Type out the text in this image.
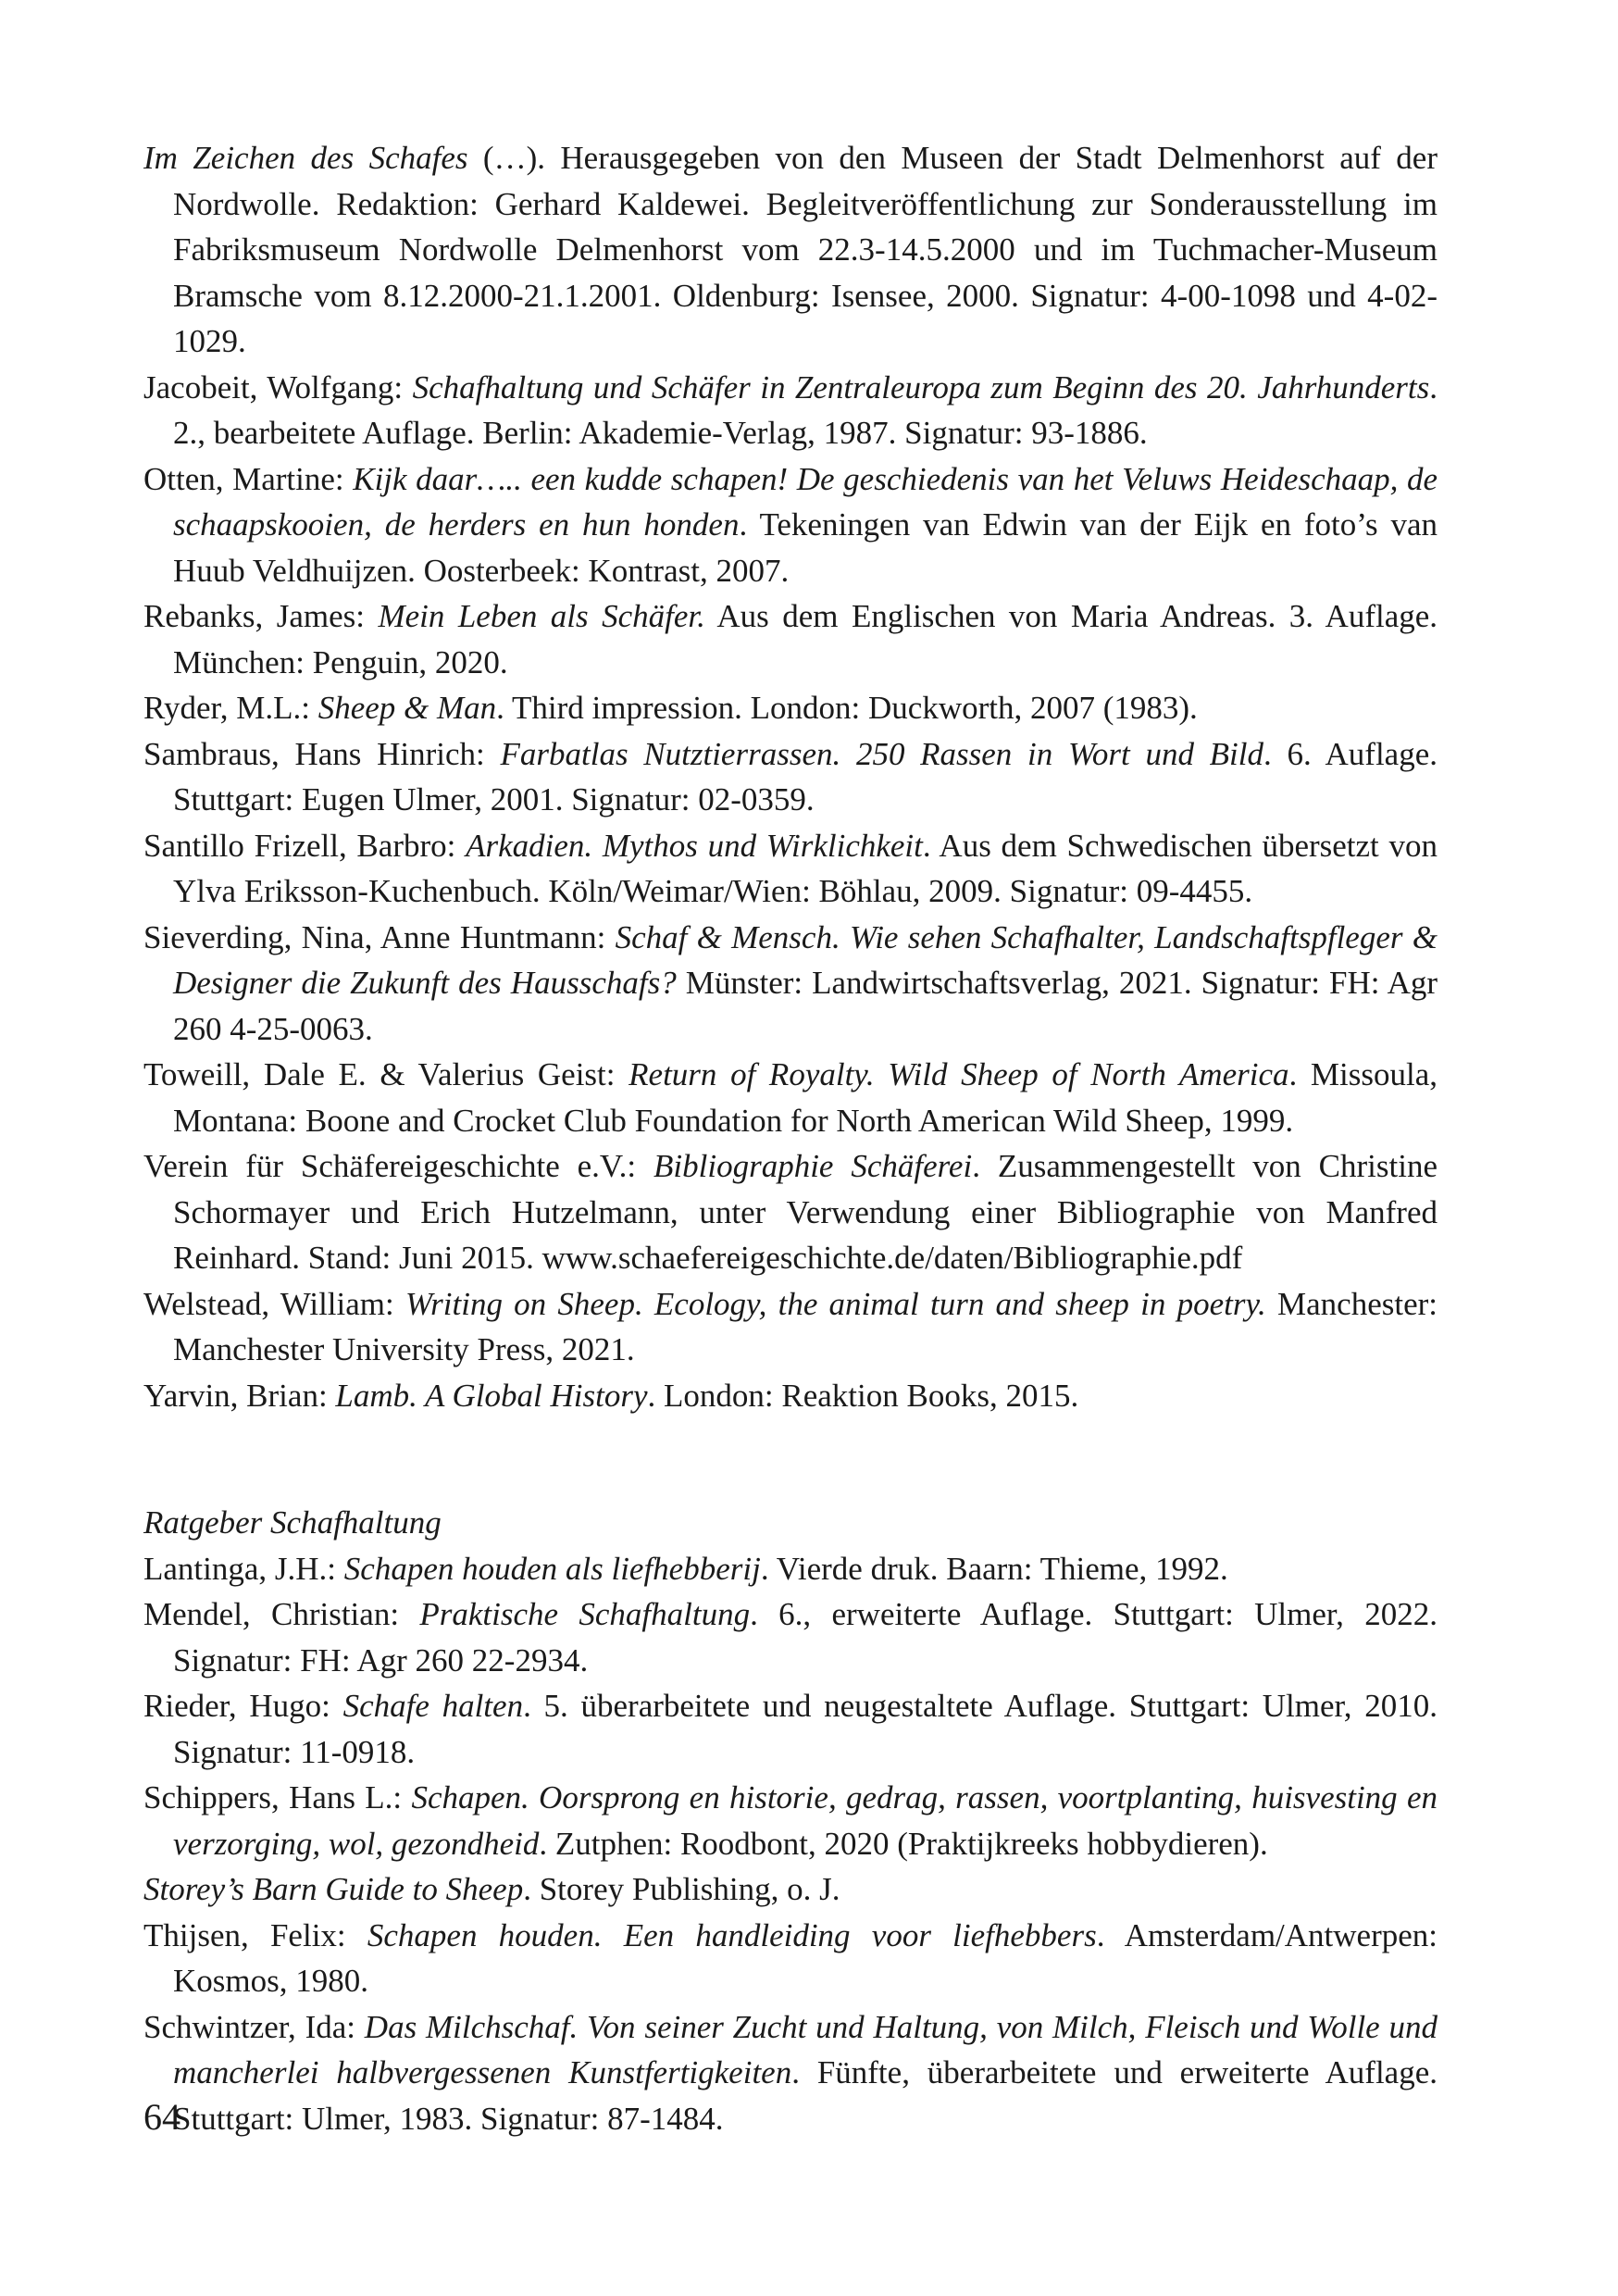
Im Zeichen des Schafes (…). Herausgegeben von den Museen der Stadt Delmenhorst auf der Nordwolle. Redaktion: Gerhard Kaldewei. Begleitveröffentlichung zur Sonderausstellung im Fabriksmuseum Nordwolle Delmenhorst vom 22.3-14.5.2000 und im Tuchmacher-Museum Bramsche vom 8.12.2000-21.1.2001. Oldenburg: Isensee, 2000. Signatur: 4-00-1098 und 4-02-1029.

Jacobeit, Wolfgang: Schafhaltung und Schäfer in Zentraleuropa zum Beginn des 20. Jahrhunderts. 2., bearbeitete Auflage. Berlin: Akademie-Verlag, 1987. Signatur: 93-1886.

Otten, Martine: Kijk daar….. een kudde schapen! De geschiedenis van het Veluws Heideschaap, de schaapskooien, de herders en hun honden. Tekeningen van Edwin van der Eijk en foto’s van Huub Veldhuijzen. Oosterbeek: Kontrast, 2007.

Rebanks, James: Mein Leben als Schäfer. Aus dem Englischen von Maria Andreas. 3. Auflage. München: Penguin, 2020.

Ryder, M.L.: Sheep & Man. Third impression. London: Duckworth, 2007 (1983).

Sambraus, Hans Hinrich: Farbatlas Nutztierrassen. 250 Rassen in Wort und Bild. 6. Auflage. Stuttgart: Eugen Ulmer, 2001. Signatur: 02-0359.

Santillo Frizell, Barbro: Arkadien. Mythos und Wirklichkeit. Aus dem Schwedischen übersetzt von Ylva Eriksson-Kuchenbuch. Köln/Weimar/Wien: Böhlau, 2009. Signatur: 09-4455.

Sieverding, Nina, Anne Huntmann: Schaf & Mensch. Wie sehen Schafhalter, Landschaftspfleger & Designer die Zukunft des Hausschafs? Münster: Landwirtschaftsverlag, 2021. Signatur: FH: Agr 260 4-25-0063.

Toweill, Dale E. & Valerius Geist: Return of Royalty. Wild Sheep of North America. Missoula, Montana: Boone and Crocket Club Foundation for North American Wild Sheep, 1999.

Verein für Schäfereigeschichte e.V.: Bibliographie Schäferei. Zusammengestellt von Christine Schormayer und Erich Hutzelmann, unter Verwendung einer Bibliographie von Manfred Reinhard. Stand: Juni 2015. www.schaefereigeschichte.de/daten/Bibliographie.pdf

Welstead, William: Writing on Sheep. Ecology, the animal turn and sheep in poetry. Manchester: Manchester University Press, 2021.

Yarvin, Brian: Lamb. A Global History. London: Reaktion Books, 2015.

Ratgeber Schafhaltung

Lantinga, J.H.: Schapen houden als liefhebberij. Vierde druk. Baarn: Thieme, 1992.

Mendel, Christian: Praktische Schafhaltung. 6., erweiterte Auflage. Stuttgart: Ulmer, 2022. Signatur: FH: Agr 260 22-2934.

Rieder, Hugo: Schafe halten. 5. überarbeitete und neugestaltete Auflage. Stuttgart: Ulmer, 2010. Signatur: 11-0918.

Schippers, Hans L.: Schapen. Oorsprong en historie, gedrag, rassen, voortplanting, huisvesting en verzorging, wol, gezondheid. Zutphen: Roodbont, 2020 (Praktijkreeks hobbydieren).

Storey’s Barn Guide to Sheep. Storey Publishing, o. J.

Thijsen, Felix: Schapen houden. Een handleiding voor liefhebbers. Amsterdam/Antwerpen: Kosmos, 1980.

Schwintzer, Ida: Das Milchschaf. Von seiner Zucht und Haltung, von Milch, Fleisch und Wolle und mancherlei halbvergessenen Kunstfertigkeiten. Fünfte, überarbeitete und erweiterte Auflage. Stuttgart: Ulmer, 1983. Signatur: 87-1484.

64
